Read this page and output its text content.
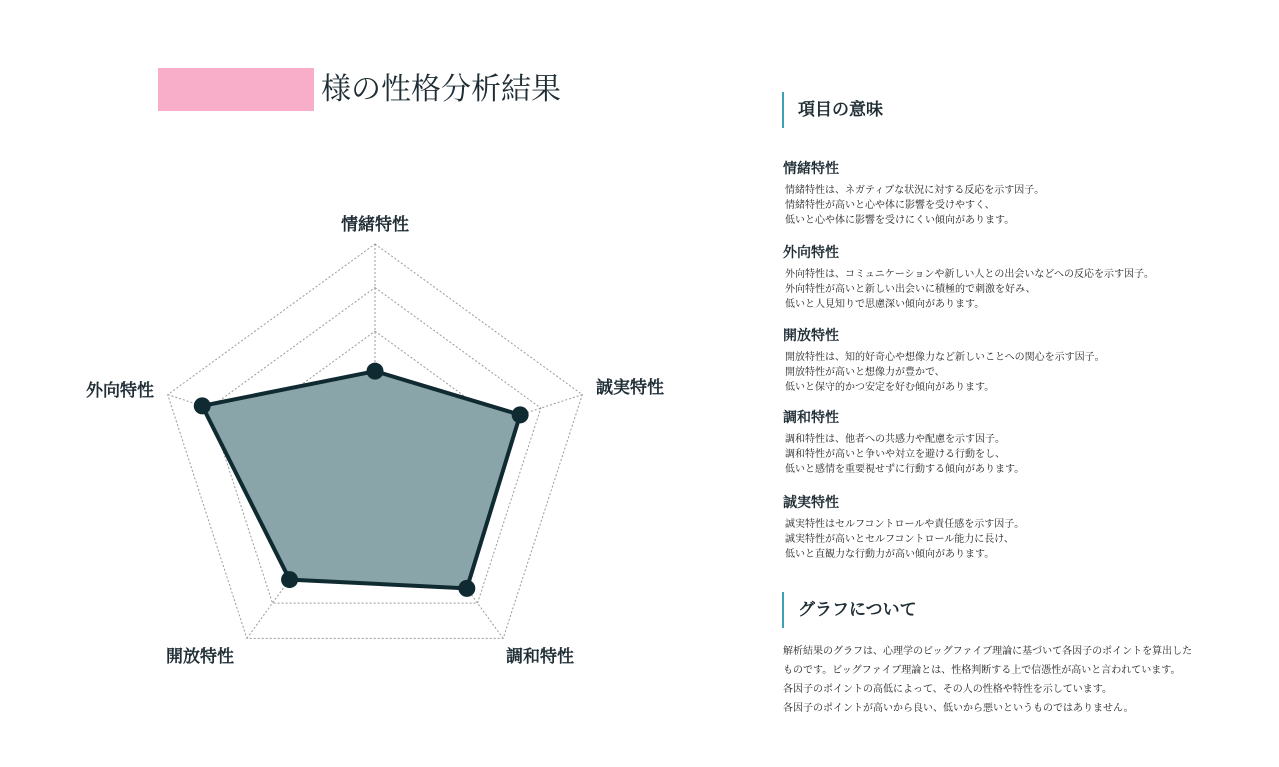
様の性格分析結果
情緒特性
誠実特性
調和特性
開放特性
外向特性
項目の意味
情緒特性
情緒特性は、ネガティブな状況に対する反応を示す因子。
情緒特性が高いと心や体に影響を受けやすく、
低いと心や体に影響を受けにくい傾向があります。
外向特性
外向特性は、コミュニケーションや新しい人との出会いなどへの反応を示す因子。
外向特性が高いと新しい出会いに積極的で刺激を好み、
低いと人見知りで思慮深い傾向があります。
開放特性
開放特性は、知的好奇心や想像力など新しいことへの関心を示す因子。
開放特性が高いと想像力が豊かで、
低いと保守的かつ安定を好む傾向があります。
調和特性
調和特性は、他者への共感力や配慮を示す因子。
調和特性が高いと争いや対立を避ける行動をし、
低いと感情を重要視せずに行動する傾向があります。
誠実特性
誠実特性はセルフコントロールや責任感を示す因子。
誠実特性が高いとセルフコントロール能力に長け、
低いと直観力な行動力が高い傾向があります。
グラフについて
解析結果のグラフは、心理学のビッグファイブ理論に基づいて各因子のポイントを算出した
ものです。ビッグファイブ理論とは、性格判断する上で信憑性が高いと言われています。
各因子のポイントの高低によって、その人の性格や特性を示しています。
各因子のポイントが高いから良い、低いから悪いというものではありません。
